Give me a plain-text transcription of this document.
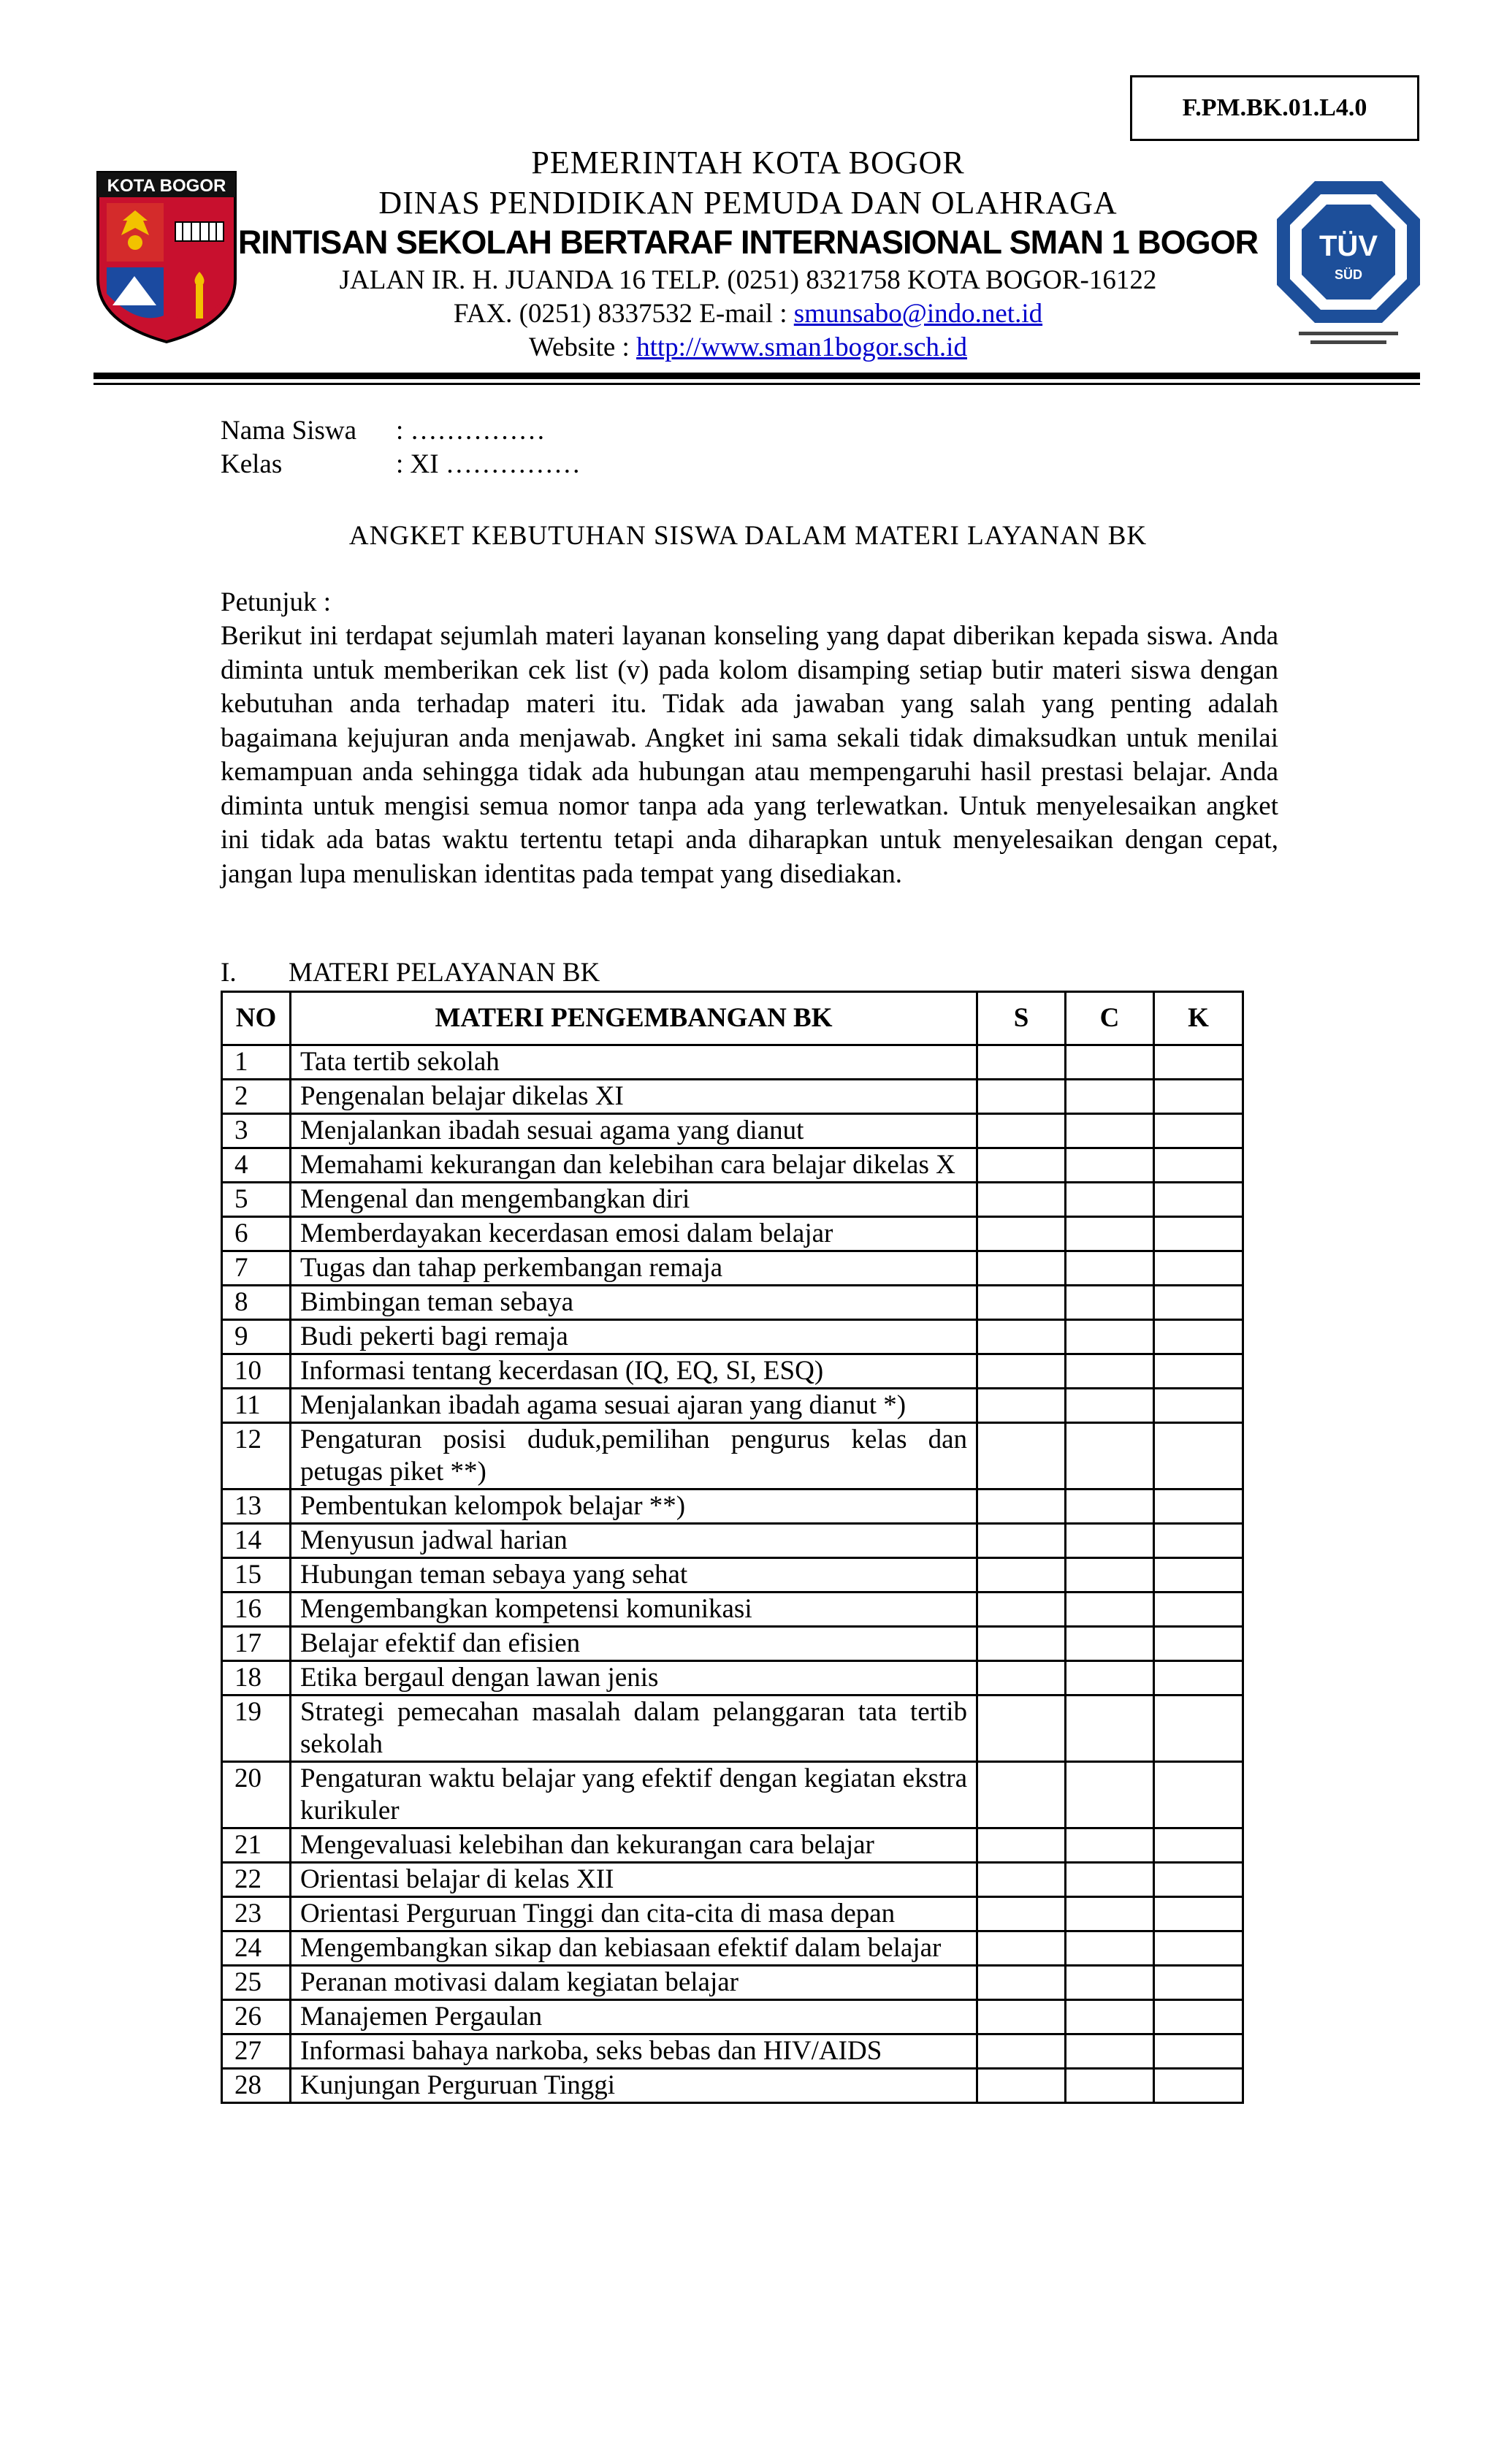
F.PM.BK.01.L4.0
KOTA BOGOR
TÜV
SÜD
PEMERINTAH KOTA BOGOR
DINAS PENDIDIKAN PEMUDA DAN OLAHRAGA
RINTISAN SEKOLAH BERTARAF INTERNASIONAL SMAN 1 BOGOR
JALAN IR. H. JUANDA 16 TELP. (0251) 8321758 KOTA BOGOR-16122
FAX. (0251) 8337532 E-mail : smunsabo@indo.net.id
Website : http://www.sman1bogor.sch.id
Nama Siswa : ……………
Kelas	: XI ……………
ANGKET KEBUTUHAN SISWA DALAM MATERI LAYANAN BK
Petunjuk :
Berikut ini terdapat sejumlah materi layanan konseling yang dapat diberikan kepada siswa. Anda diminta untuk memberikan cek list (v) pada kolom disamping setiap butir materi siswa dengan kebutuhan anda terhadap materi itu. Tidak ada jawaban yang salah yang penting adalah bagaimana kejujuran anda menjawab. Angket ini sama sekali tidak dimaksudkan untuk menilai kemampuan anda sehingga tidak ada hubungan atau mempengaruhi hasil prestasi belajar. Anda diminta untuk mengisi semua nomor tanpa ada yang terlewatkan. Untuk menyelesaikan angket ini tidak ada batas waktu tertentu tetapi anda diharapkan untuk menyelesaikan dengan cepat, jangan lupa menuliskan identitas pada tempat yang disediakan.
I. MATERI PELAYANAN BK
NO	MATERI PENGEMBANGAN BK	S	C	K
1	Tata tertib sekolah			
2	Pengenalan belajar dikelas XI			
3	Menjalankan ibadah sesuai agama yang dianut			
4	Memahami kekurangan dan kelebihan cara belajar dikelas X			
5	Mengenal dan mengembangkan diri			
6	Memberdayakan kecerdasan emosi dalam belajar			
7	Tugas dan tahap perkembangan remaja			
8	Bimbingan teman sebaya			
9	Budi pekerti bagi remaja			
10	Informasi tentang kecerdasan (IQ, EQ, SI, ESQ)			
11	Menjalankan ibadah agama sesuai ajaran yang dianut *)			
12	Pengaturan posisi duduk,pemilihan pengurus kelas dan petugas piket **)			
13	Pembentukan kelompok belajar **)			
14	Menyusun jadwal harian			
15	Hubungan teman sebaya yang sehat			
16	Mengembangkan kompetensi komunikasi			
17	Belajar efektif dan efisien			
18	Etika bergaul dengan lawan jenis			
19	Strategi pemecahan masalah dalam pelanggaran tata tertib sekolah			
20	Pengaturan waktu belajar yang efektif dengan kegiatan ekstra kurikuler			
21	Mengevaluasi kelebihan dan kekurangan cara belajar			
22	Orientasi belajar di kelas XII			
23	Orientasi Perguruan Tinggi dan cita-cita di masa depan			
24	Mengembangkan sikap dan kebiasaan efektif dalam belajar			
25	Peranan motivasi dalam kegiatan belajar			
26	Manajemen Pergaulan			
27	Informasi bahaya narkoba, seks bebas dan HIV/AIDS			
28	Kunjungan Perguruan Tinggi			
